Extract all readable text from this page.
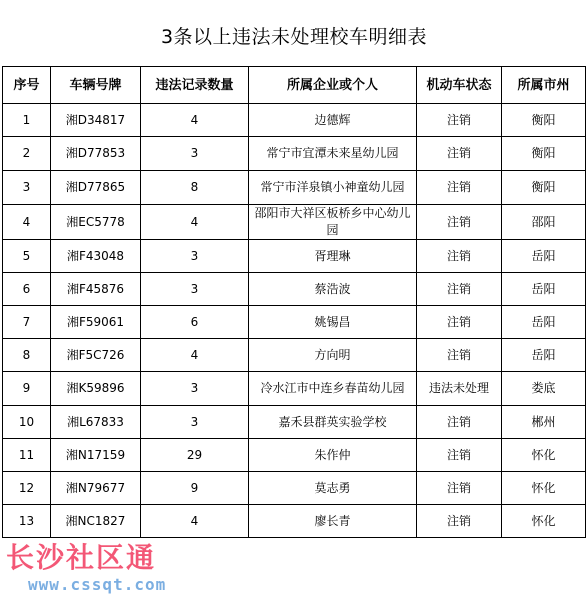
3条以上违法未处理校车明细表
序号	车辆号牌	违法记录数量	所属企业或个人	机动车状态	所属市州
1	湘D34817	4	边德辉	注销	衡阳
2	湘D77853	3	常宁市宜潭未来星幼儿园	注销	衡阳
3	湘D77865	8	常宁市洋泉镇小神童幼儿园	注销	衡阳
4	湘EC5778	4	邵阳市大祥区板桥乡中心幼儿园	注销	邵阳
5	湘F43048	3	胥理琳	注销	岳阳
6	湘F45876	3	蔡浩波	注销	岳阳
7	湘F59061	6	姚锡昌	注销	岳阳
8	湘F5C726	4	方向明	注销	岳阳
9	湘K59896	3	冷水江市中连乡春苗幼儿园	违法未处理	娄底
10	湘L67833	3	嘉禾县群英实验学校	注销	郴州
11	湘N17159	29	朱作仲	注销	怀化
12	湘N79677	9	莫志勇	注销	怀化
13	湘NC1827	4	廖长青	注销	怀化
长沙社区通
www.cssqt.com
